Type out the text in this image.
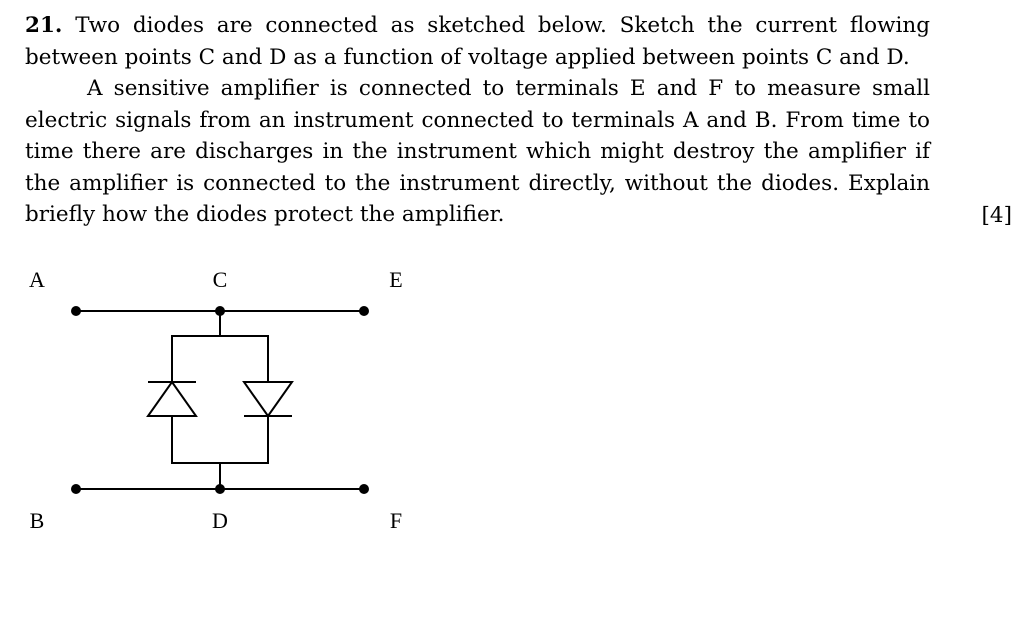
21. Two diodes are connected as sketched below. Sketch the current flowing between points C and D as a function of voltage applied between points C and D.

A sensitive amplifier is connected to terminals E and F to measure small electric signals from an instrument connected to terminals A and B. From time to time there are discharges in the instrument which might destroy the amplifier if the amplifier is connected to the instrument directly, without the diodes. Explain briefly how the diodes protect the amplifier.	[4]
A	C	E
B	D	F
